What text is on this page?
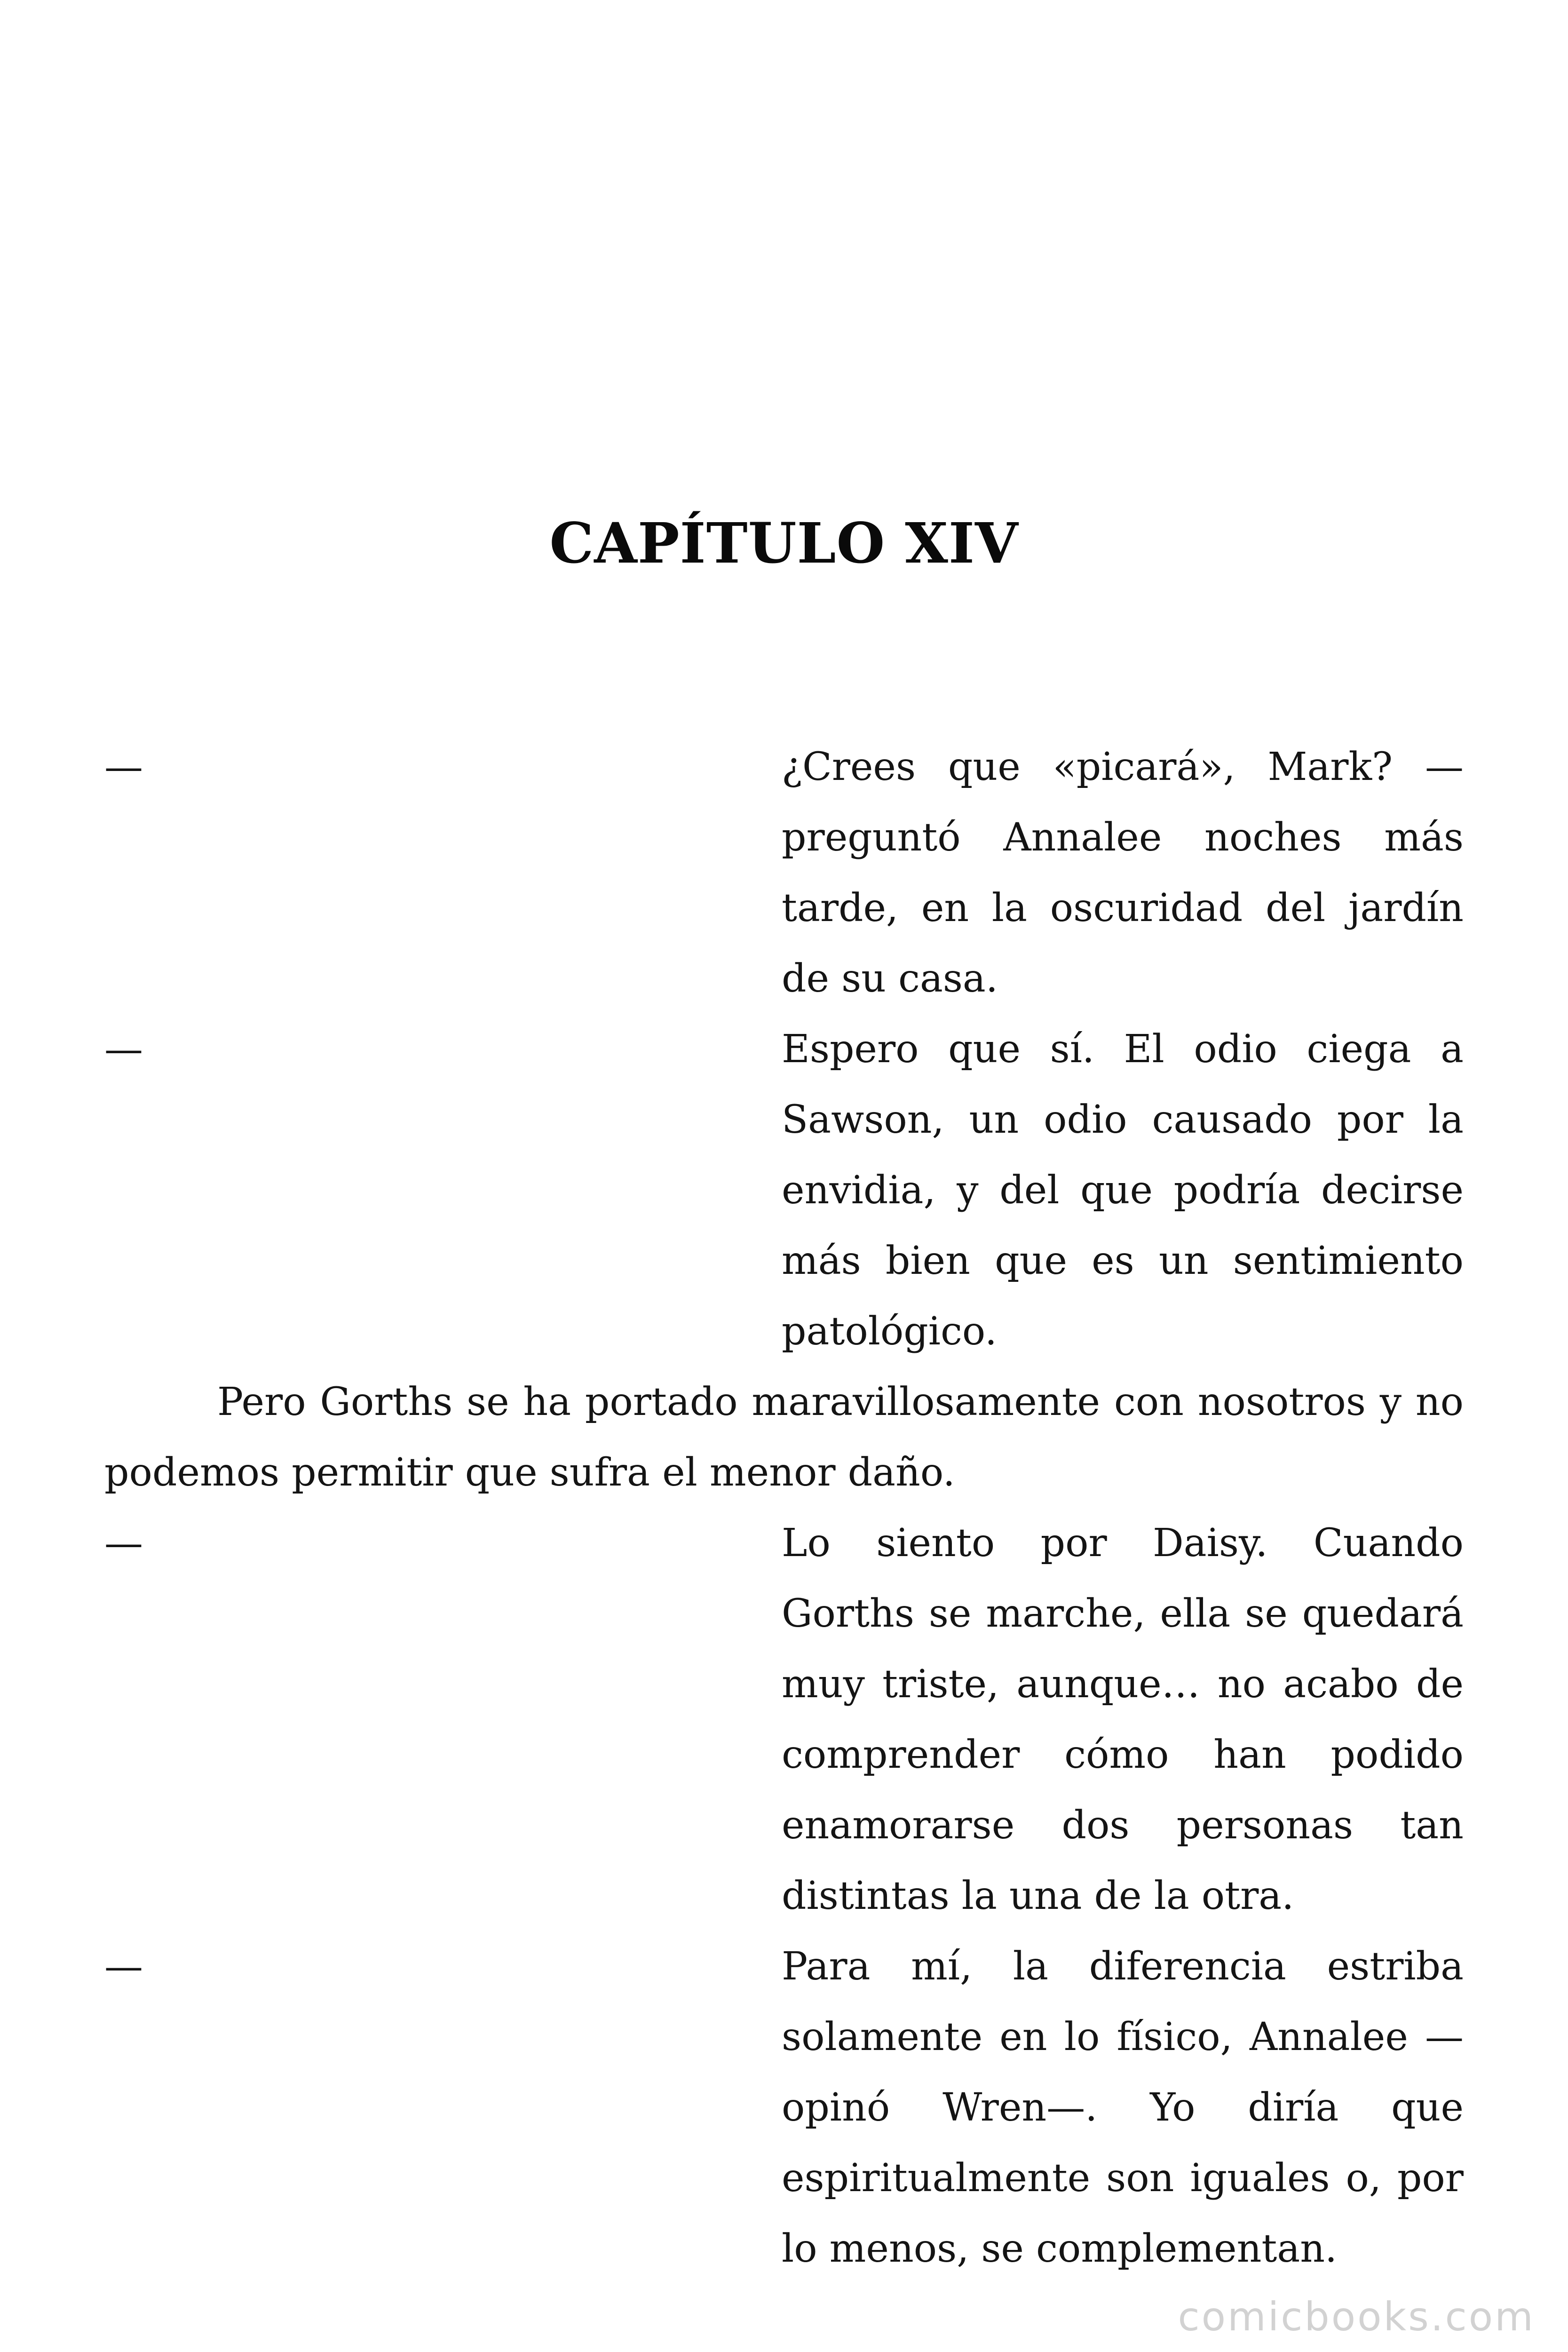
CAPÍTULO XIV
—	¿Crees que «picará», Mark? —preguntó Annalee noches más tarde, en la oscuridad del jardín de su casa.
—	Espero que sí. El odio ciega a Sawson, un odio causado por la envidia, y del que podría decirse más bien que es un sentimiento patológico.
Pero Gorths se ha portado maravillosamente con nosotros y no podemos permitir que sufra el menor daño.
—	Lo siento por Daisy. Cuando Gorths se marche, ella se quedará muy triste, aunque… no acabo de comprender cómo han podido enamorarse dos personas tan distintas la una de la otra.
—	Para mí, la diferencia estriba solamente en lo físico, Annalee —opinó Wren—. Yo diría que espiritualmente son iguales o, por lo menos, se complementan.
comicbooks.com
